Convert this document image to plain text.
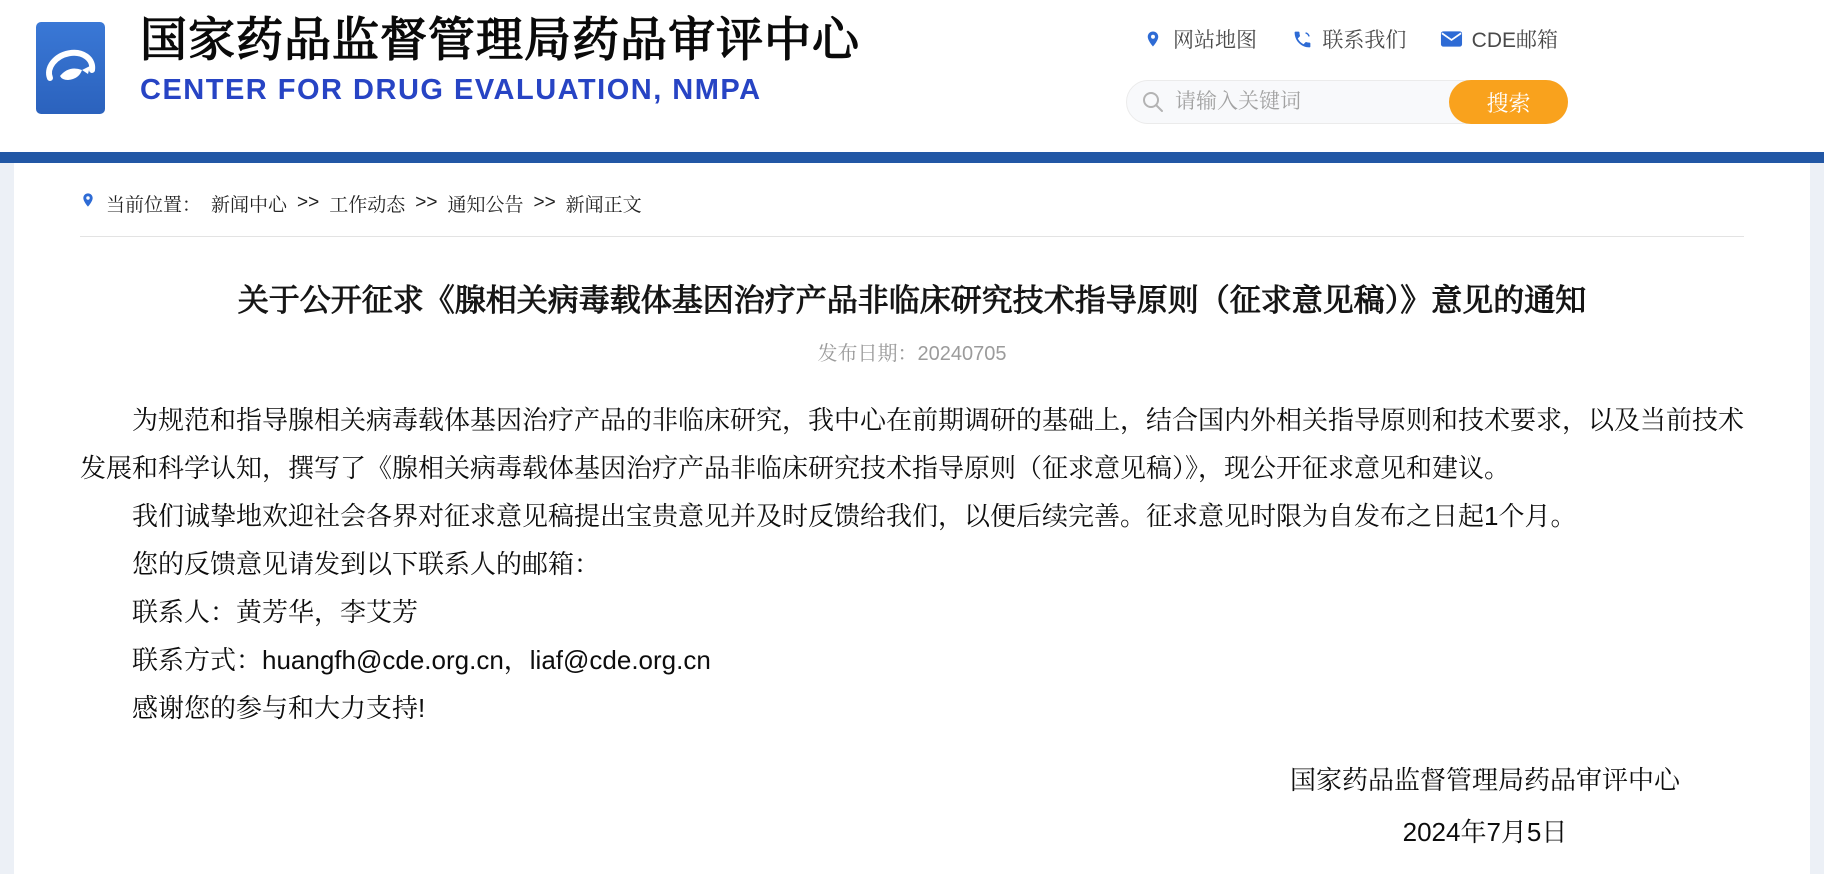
国家药品监督管理局药品审评中心
CENTER FOR DRUG EVALUATION, NMPA
网站地图	联系我们	CDE邮箱
请输入关键词
搜索
当前位置： 新闻中心 >> 工作动态 >> 通知公告 >> 新闻正文
关于公开征求《腺相关病毒载体基因治疗产品非临床研究技术指导原则（征求意见稿）》意见的通知
发布日期：20240705

为规范和指导腺相关病毒载体基因治疗产品的非临床研究，我中心在前期调研的基础上，结合国内外相关指导原则和技术要求，以及当前技术发展和科学认知，撰写了《腺相关病毒载体基因治疗产品非临床研究技术指导原则（征求意见稿）》，现公开征求意见和建议。

我们诚挚地欢迎社会各界对征求意见稿提出宝贵意见并及时反馈给我们，以便后续完善。征求意见时限为自发布之日起1个月。

您的反馈意见请发到以下联系人的邮箱：

联系人：黄芳华，李艾芳

联系方式：huangfh@cde.org.cn，liaf@cde.org.cn

感谢您的参与和大力支持!

国家药品监督管理局药品审评中心
2024年7月5日
